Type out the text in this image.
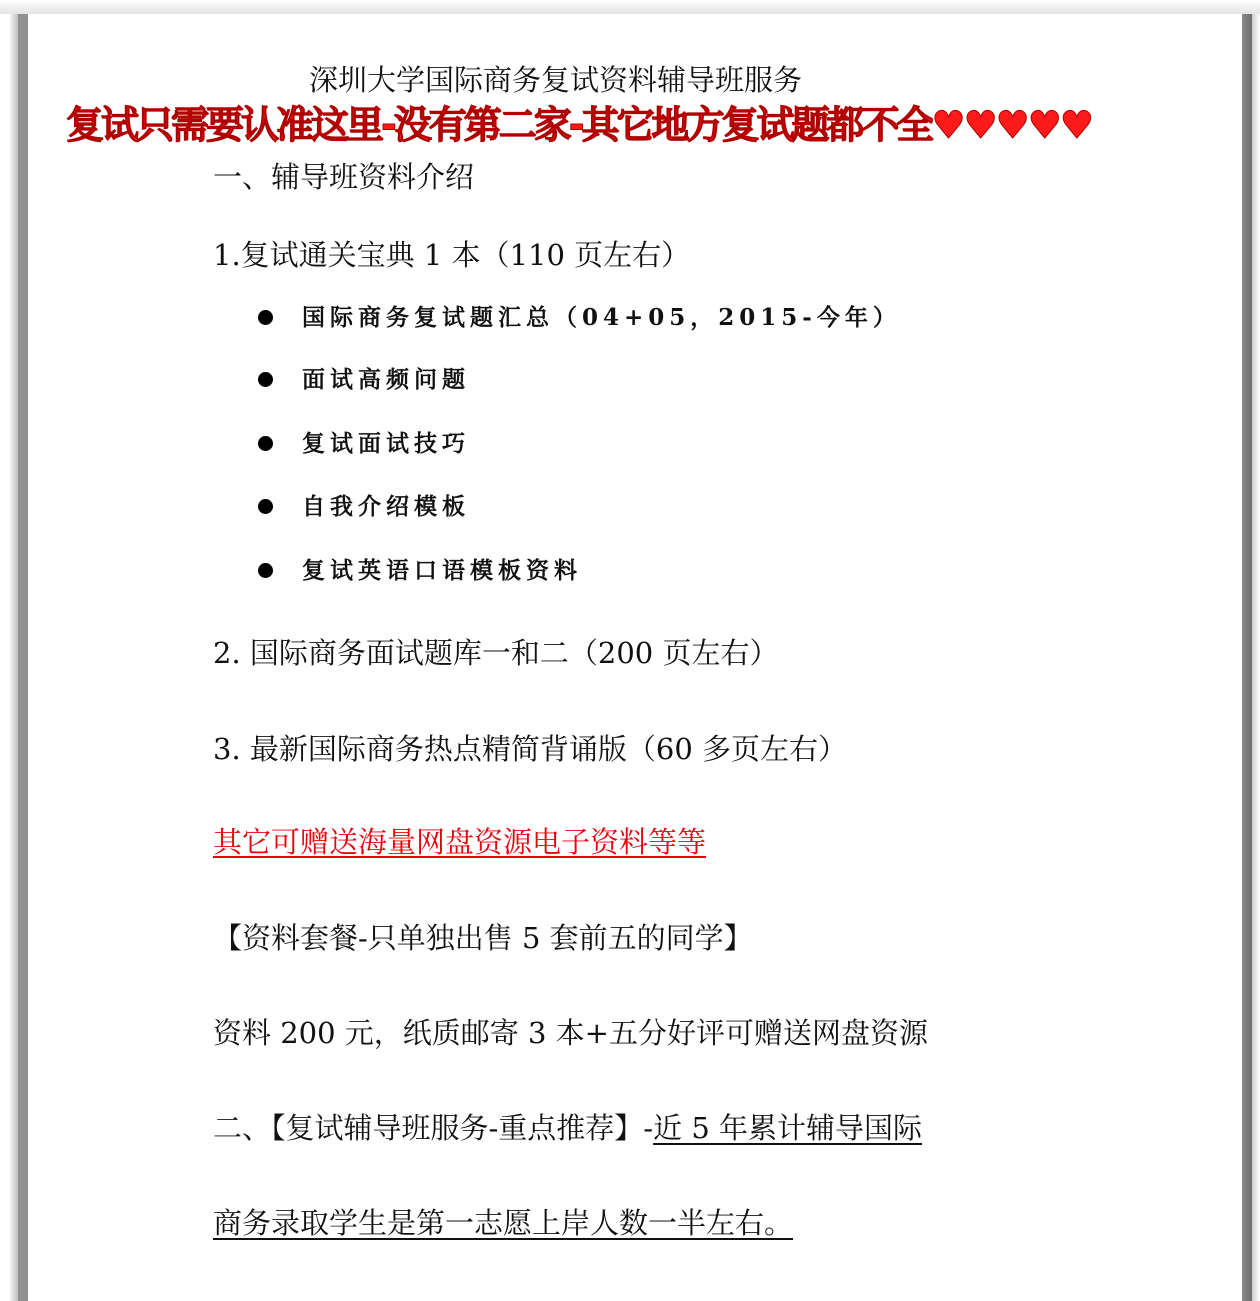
深圳大学国际商务复试资料辅导班服务
复试只需要认准这里-没有第二家-其它地方复试题都不全♥♥♥♥♥
一、辅导班资料介绍
1.复试通关宝典 1 本（110 页左右）
国际商务复试题汇总（04+05，2015-今年）
面试高频问题
复试面试技巧
自我介绍模板
复试英语口语模板资料
2. 国际商务面试题库一和二（200 页左右）
3. 最新国际商务热点精简背诵版（60 多页左右）
其它可赠送海量网盘资源电子资料等等
【资料套餐-只单独出售 5 套前五的同学】
资料 200 元，纸质邮寄 3 本+五分好评可赠送网盘资源
二、【复试辅导班服务-重点推荐】-近 5 年累计辅导国际
商务录取学生是第一志愿上岸人数一半左右。
